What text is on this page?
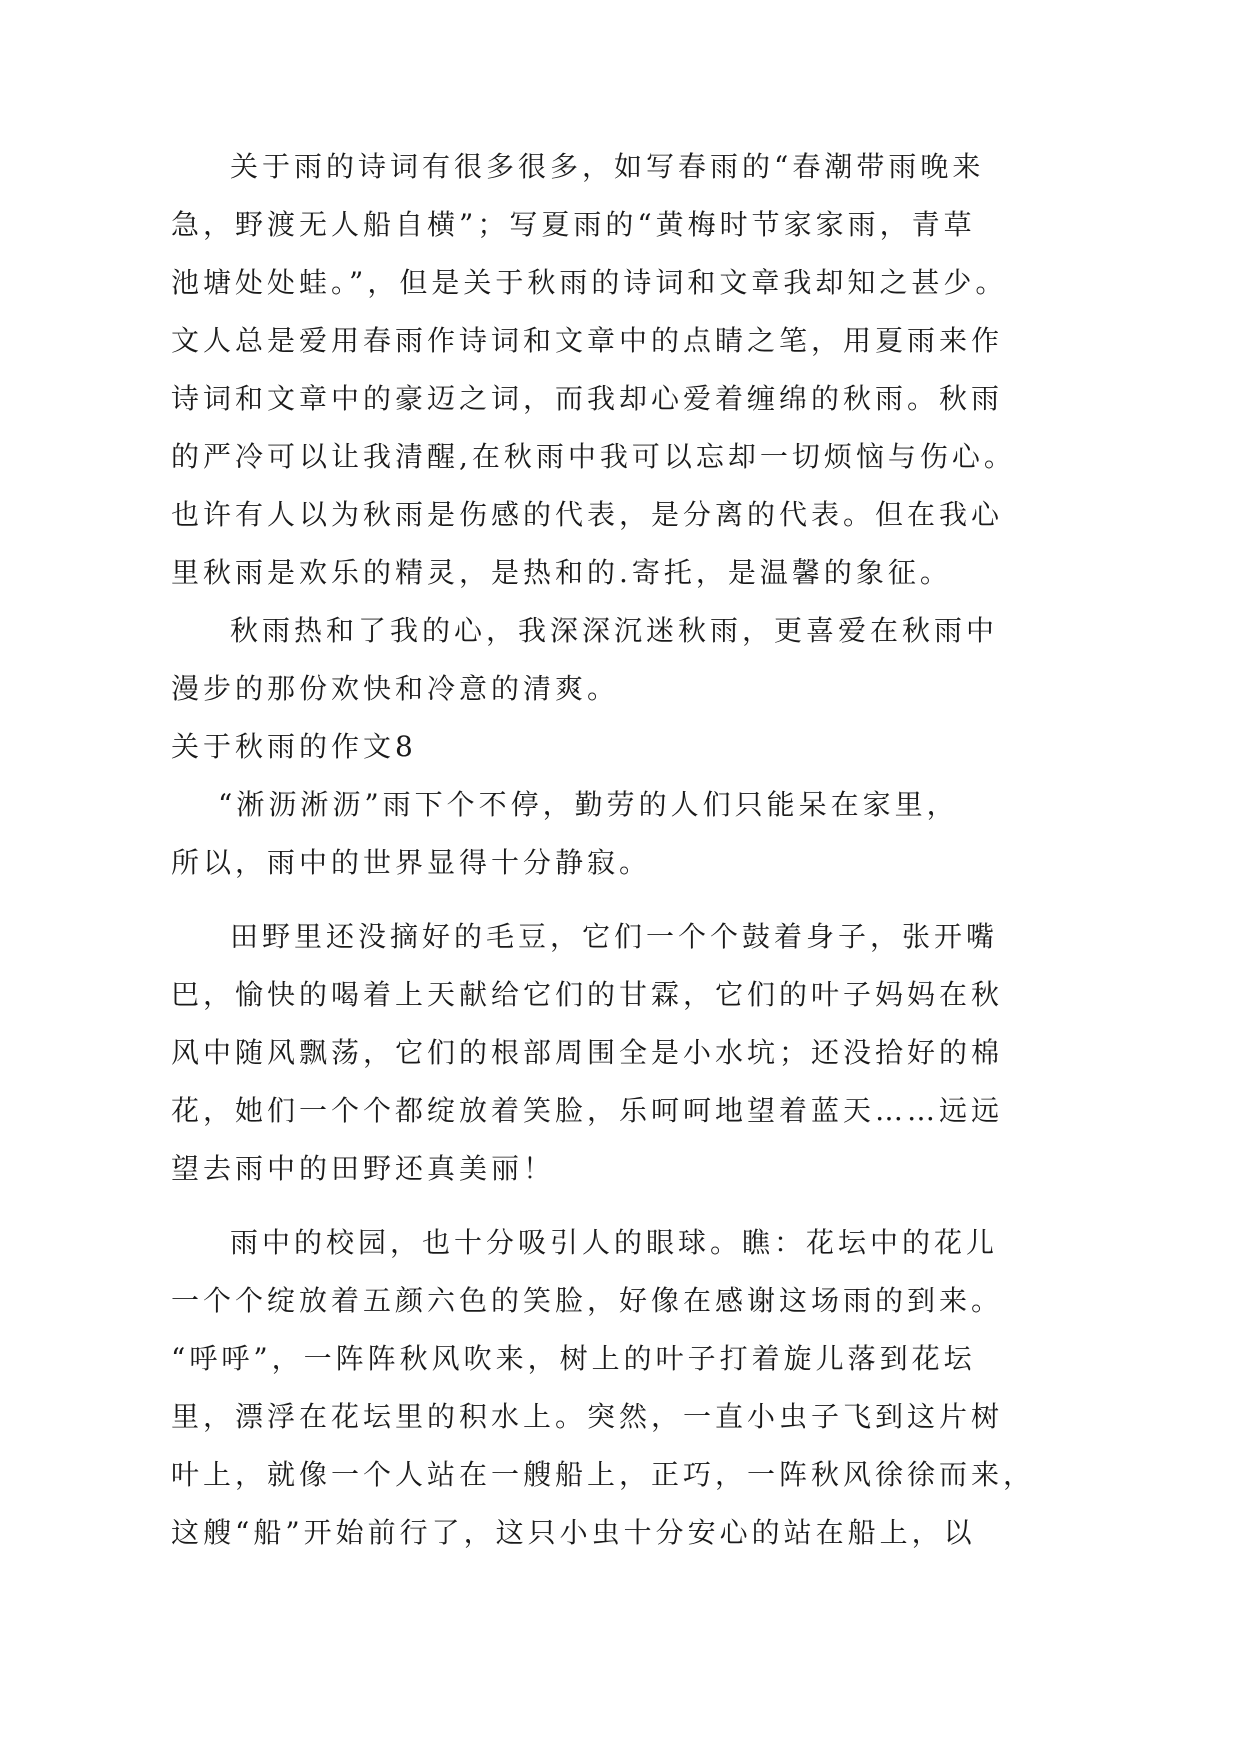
关于雨的诗词有很多很多，如写春雨的“春潮带雨晚来
急，野渡无人船自横”；写夏雨的“黄梅时节家家雨，青草
池塘处处蛙。”，但是关于秋雨的诗词和文章我却知之甚少。
文人总是爱用春雨作诗词和文章中的点睛之笔，用夏雨来作
诗词和文章中的豪迈之词，而我却心爱着缠绵的秋雨。秋雨
的严冷可以让我清醒,在秋雨中我可以忘却一切烦恼与伤心。
也许有人以为秋雨是伤感的代表，是分离的代表。但在我心
里秋雨是欢乐的精灵，是热和的.寄托，是温馨的象征。
秋雨热和了我的心，我深深沉迷秋雨，更喜爱在秋雨中
漫步的那份欢快和冷意的清爽。
关于秋雨的作文8
“淅沥淅沥”雨下个不停，勤劳的人们只能呆在家里，
所以，雨中的世界显得十分静寂。
田野里还没摘好的毛豆，它们一个个鼓着身子，张开嘴
巴，愉快的喝着上天献给它们的甘霖，它们的叶子妈妈在秋
风中随风飘荡，它们的根部周围全是小水坑；还没拾好的棉
花，她们一个个都绽放着笑脸，乐呵呵地望着蓝天……远远
望去雨中的田野还真美丽！
雨中的校园，也十分吸引人的眼球。瞧：花坛中的花儿
一个个绽放着五颜六色的笑脸，好像在感谢这场雨的到来。
“呼呼”，一阵阵秋风吹来，树上的叶子打着旋儿落到花坛
里，漂浮在花坛里的积水上。突然，一直小虫子飞到这片树
叶上，就像一个人站在一艘船上，正巧，一阵秋风徐徐而来，
这艘“船”开始前行了，这只小虫十分安心的站在船上，以
